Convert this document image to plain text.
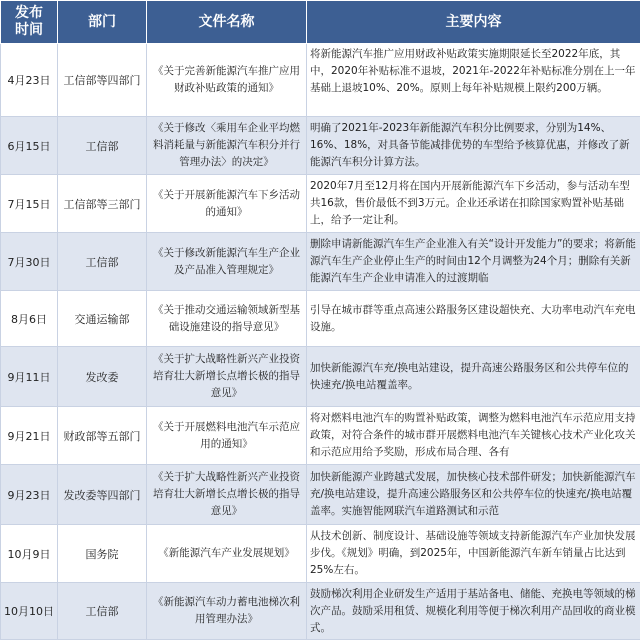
发布时间	部门	文件名称	主要内容
4月23日	工信部等四部门	《关于完善新能源汽车推广应用财政补贴政策的通知》	将新能源汽车推广应用财政补贴政策实施期限延长至2022年底，其中，2020年补贴标准不退坡，2021年-2022年补贴标准分别在上一年基础上退坡10%、20%。原则上每年补贴规模上限约200万辆。

6月15日	工信部	《关于修改〈乘用车企业平均燃料消耗量与新能源汽车积分并行管理办法〉的决定》	明确了2021年-2023年新能源汽车积分比例要求，分别为14%、16%、18%，对具备节能减排优势的车型给予核算优惠，并修改了新能源汽车积分计算方法。

7月15日	工信部等三部门	《关于开展新能源汽车下乡活动的通知》	2020年7月至12月将在国内开展新能源汽车下乡活动，参与活动车型共16款，售价最低不到3万元。企业还承诺在扣除国家购置补贴基础上，给予一定让利。

7月30日	工信部	《关于修改新能源汽车生产企业及产品准入管理规定》	删除申请新能源汽车生产企业准入有关“设计开发能力”的要求；将新能源汽车生产企业停止生产的时间由12个月调整为24个月；删除有关新能源汽车生产企业申请准入的过渡期临

8月6日	交通运输部	《关于推动交通运输领域新型基础设施建设的指导意见》	引导在城市群等重点高速公路服务区建设超快充、大功率电动汽车充电设施。

9月11日	发改委	《关于扩大战略性新兴产业投资培育壮大新增长点增长极的指导意见》	加快新能源汽车充/换电站建设，提升高速公路服务区和公共停车位的快速充/换电站覆盖率。

9月21日	财政部等五部门	《关于开展燃料电池汽车示范应用的通知》	将对燃料电池汽车的购置补贴政策，调整为燃料电池汽车示范应用支持政策，对符合条件的城市群开展燃料电池汽车关键核心技术产业化攻关和示范应用给予奖励，形成布局合理、各有

9月23日	发改委等四部门	《关于扩大战略性新兴产业投资培育壮大新增长点增长极的指导意见》	加快新能源产业跨越式发展，加快核心技术部件研发；加快新能源汽车充/换电站建设，提升高速公路服务区和公共停车位的快速充/换电站覆盖率。实施智能网联汽车道路测试和示范

10月9日	国务院	《新能源汽车产业发展规划》	从技术创新、制度设计、基础设施等领域支持新能源汽车产业加快发展步伐。《规划》明确，到2025年，中国新能源汽车新车销量占比达到25%左右。

10月10日	工信部	《新能源汽车动力蓄电池梯次利用管理办法》	鼓励梯次利用企业研发生产适用于基站备电、储能、充换电等领域的梯次产品。鼓励采用租赁、规模化利用等便于梯次利用产品回收的商业模式。
